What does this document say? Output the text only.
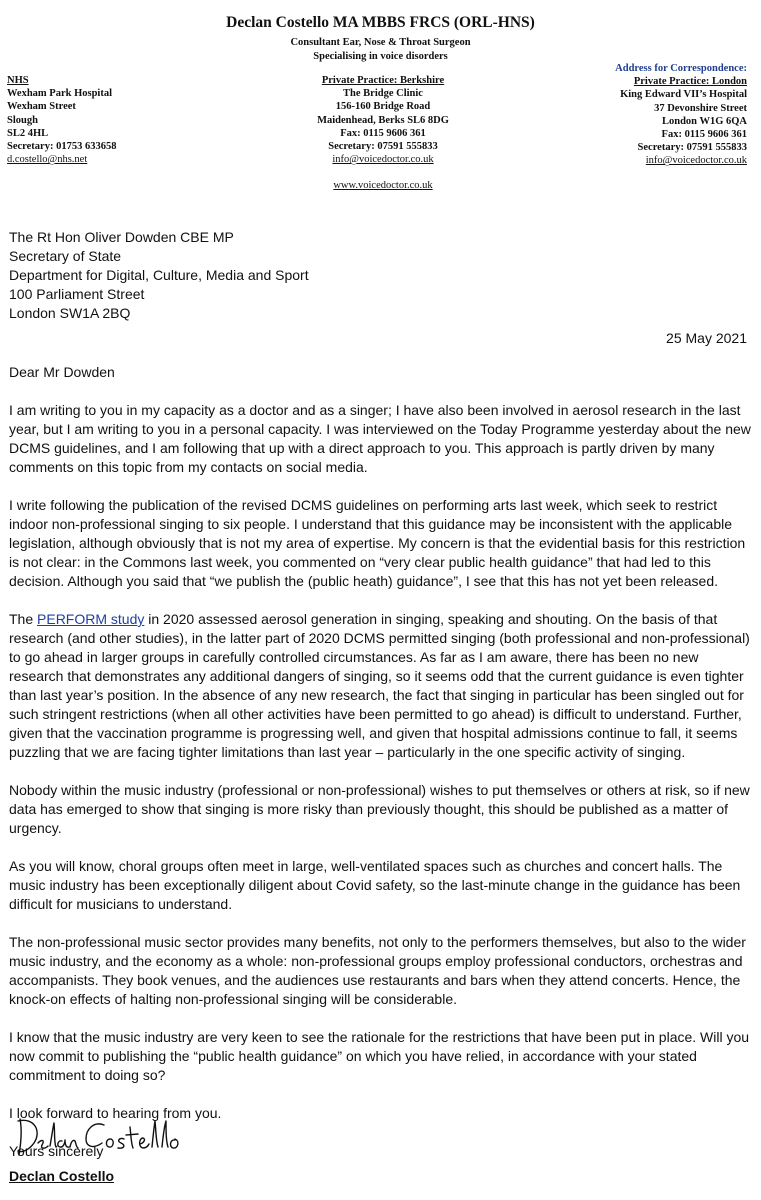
Declan Costello MA MBBS FRCS (ORL-HNS)
Consultant Ear, Nose & Throat Surgeon
Specialising in voice disorders
NHS
Wexham Park Hospital
Wexham Street
Slough
SL2 4HL
Secretary: 01753 633658
d.costello@nhs.net
Private Practice: Berkshire
The Bridge Clinic
156-160 Bridge Road
Maidenhead, Berks SL6 8DG
Fax: 0115 9606 361
Secretary: 07591 555833
info@voicedoctor.co.uk
Address for Correspondence:
Private Practice: London
King Edward VII’s Hospital
37 Devonshire Street
London W1G 6QA
Fax: 0115 9606 361
Secretary: 07591 555833
info@voicedoctor.co.uk
www.voicedoctor.co.uk
The Rt Hon Oliver Dowden CBE MP
Secretary of State
Department for Digital, Culture, Media and Sport
100 Parliament Street
London SW1A 2BQ
25 May 2021

Dear Mr Dowden

I am writing to you in my capacity as a doctor and as a singer; I have also been involved in aerosol research in the last year, but I am writing to you in a personal capacity. I was interviewed on the Today Programme yesterday about the new DCMS guidelines, and I am following that up with a direct approach to you. This approach is partly driven by many comments on this topic from my contacts on social media.

I write following the publication of the revised DCMS guidelines on performing arts last week, which seek to restrict indoor non-professional singing to six people. I understand that this guidance may be inconsistent with the applicable legislation, although obviously that is not my area of expertise. My concern is that the evidential basis for this restriction is not clear: in the Commons last week, you commented on “very clear public health guidance” that had led to this decision. Although you said that “we publish the (public heath) guidance”, I see that this has not yet been released.

The PERFORM study in 2020 assessed aerosol generation in singing, speaking and shouting. On the basis of that research (and other studies), in the latter part of 2020 DCMS permitted singing (both professional and non-professional) to go ahead in larger groups in carefully controlled circumstances. As far as I am aware, there has been no new research that demonstrates any additional dangers of singing, so it seems odd that the current guidance is even tighter than last year’s position. In the absence of any new research, the fact that singing in particular has been singled out for such stringent restrictions (when all other activities have been permitted to go ahead) is difficult to understand. Further, given that the vaccination programme is progressing well, and given that hospital admissions continue to fall, it seems puzzling that we are facing tighter limitations than last year – particularly in the one specific activity of singing.

Nobody within the music industry (professional or non-professional) wishes to put themselves or others at risk, so if new data has emerged to show that singing is more risky than previously thought, this should be published as a matter of urgency.

As you will know, choral groups often meet in large, well-ventilated spaces such as churches and concert halls. The music industry has been exceptionally diligent about Covid safety, so the last-minute change in the guidance has been difficult for musicians to understand.

The non-professional music sector provides many benefits, not only to the performers themselves, but also to the wider music industry, and the economy as a whole: non-professional groups employ professional conductors, orchestras and accompanists. They book venues, and the audiences use restaurants and bars when they attend concerts. Hence, the knock-on effects of halting non-professional singing will be considerable.

I know that the music industry are very keen to see the rationale for the restrictions that have been put in place. Will you now commit to publishing the “public health guidance” on which you have relied, in accordance with your stated commitment to doing so?

I look forward to hearing from you.

Yours sincerely

Declan Costello
